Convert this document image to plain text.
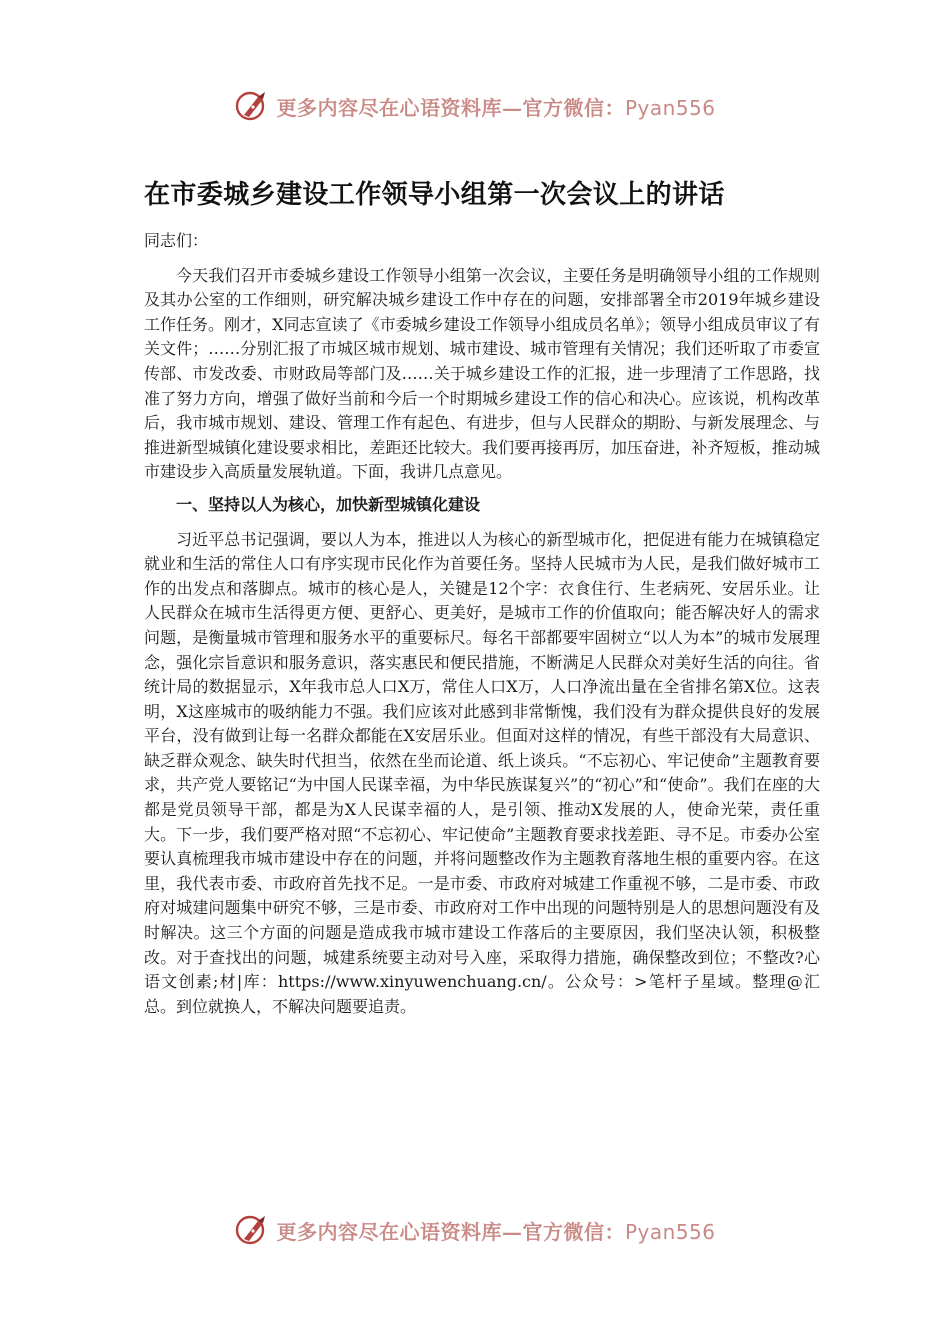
更多内容尽在心语资料库—官方微信：Pyan556
在市委城乡建设工作领导小组第一次会议上的讲话

同志们：

今天我们召开市委城乡建设工作领导小组第一次会议，主要任务是明确领导小组的工作规则及其办公室的工作细则，研究解决城乡建设工作中存在的问题，安排部署全市2019年城乡建设工作任务。刚才，X同志宣读了《市委城乡建设工作领导小组成员名单》；领导小组成员审议了有关文件；……分别汇报了市城区城市规划、城市建设、城市管理有关情况；我们还听取了市委宣传部、市发改委、市财政局等部门及……关于城乡建设工作的汇报，进一步理清了工作思路，找准了努力方向，增强了做好当前和今后一个时期城乡建设工作的信心和决心。应该说，机构改革后，我市城市规划、建设、管理工作有起色、有进步，但与人民群众的期盼、与新发展理念、与推进新型城镇化建设要求相比，差距还比较大。我们要再接再厉，加压奋进，补齐短板，推动城市建设步入高质量发展轨道。下面，我讲几点意见。

一、坚持以人为核心，加快新型城镇化建设

习近平总书记强调，要以人为本，推进以人为核心的新型城市化，把促进有能力在城镇稳定就业和生活的常住人口有序实现市民化作为首要任务。坚持人民城市为人民，是我们做好城市工作的出发点和落脚点。城市的核心是人，关键是12个字：衣食住行、生老病死、安居乐业。让人民群众在城市生活得更方便、更舒心、更美好，是城市工作的价值取向；能否解决好人的需求问题，是衡量城市管理和服务水平的重要标尺。每名干部都要牢固树立“以人为本”的城市发展理念，强化宗旨意识和服务意识，落实惠民和便民措施，不断满足人民群众对美好生活的向往。省统计局的数据显示，X年我市总人口X万，常住人口X万，人口净流出量在全省排名第X位。这表明，X这座城市的吸纳能力不强。我们应该对此感到非常惭愧，我们没有为群众提供良好的发展平台，没有做到让每一名群众都能在X安居乐业。但面对这样的情况，有些干部没有大局意识、缺乏群众观念、缺失时代担当，依然在坐而论道、纸上谈兵。“不忘初心、牢记使命”主题教育要求，共产党人要铭记“为中国人民谋幸福，为中华民族谋复兴”的“初心”和“使命”。我们在座的大都是党员领导干部，都是为X人民谋幸福的人，是引领、推动X发展的人，使命光荣，责任重大。下一步，我们要严格对照“不忘初心、牢记使命”主题教育要求找差距、寻不足。市委办公室要认真梳理我市城市建设中存在的问题，并将问题整改作为主题教育落地生根的重要内容。在这里，我代表市委、市政府首先找不足。一是市委、市政府对城建工作重视不够，二是市委、市政府对城建问题集中研究不够，三是市委、市政府对工作中出现的问题特别是人的思想问题没有及时解决。这三个方面的问题是造成我市城市建设工作落后的主要原因，我们坚决认领，积极整改。对于查找出的问题，城建系统要主动对号入座，采取得力措施，确保整改到位；不整改?心语文创素;材|库：https://www.xinyuwenchuang.cn/。公众号：>笔杆子星域。整理@汇总。到位就换人，不解决问题要追责。

更多内容尽在心语资料库—官方微信：Pyan556
